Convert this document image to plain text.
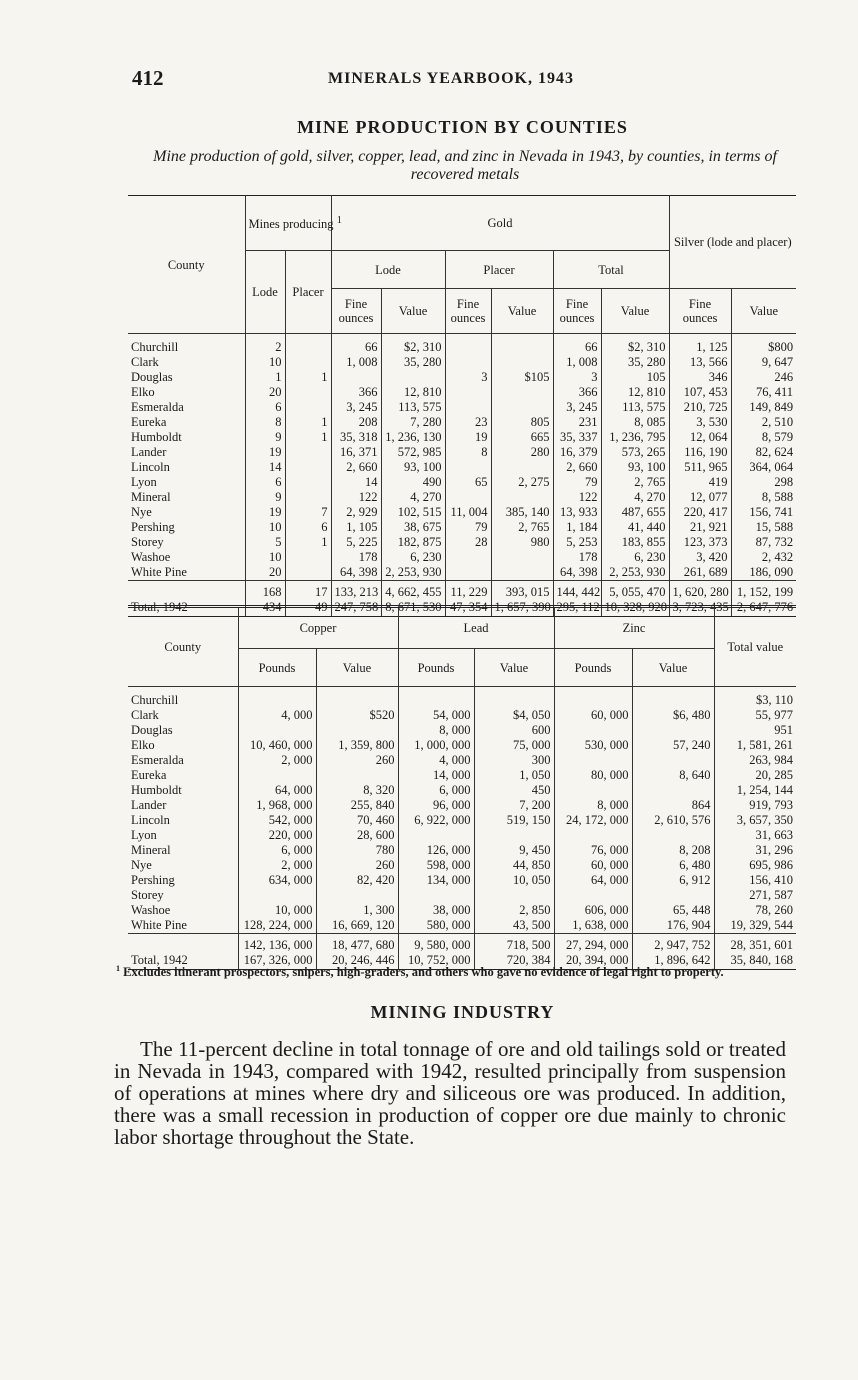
412	MINERALS YEARBOOK, 1943
MINE PRODUCTION BY COUNTIES
Mine production of gold, silver, copper, lead, and zinc in Nevada in 1943, by counties, in terms of recovered metals
County	Mines producing $^1$		Gold						Silver (lode and placer)	
	Lode	Placer	Lode		Placer		Total			
			Fine ounces	Value	Fine ounces	Value	Fine ounces	Value	Fine ounces	Value
Churchill	2		66	$2, 310			66	$2, 310	1, 125	$800
Clark	10		1, 008	35, 280			1, 008	35, 280	13, 566	9, 647
Douglas	1	1			3	$105	3	105	346	246
Elko	20		366	12, 810			366	12, 810	107, 453	76, 411
Esmeralda	6		3, 245	113, 575			3, 245	113, 575	210, 725	149, 849
Eureka	8	1	208	7, 280	23	805	231	8, 085	3, 530	2, 510
Humboldt	9	1	35, 318	1, 236, 130	19	665	35, 337	1, 236, 795	12, 064	8, 579
Lander	19		16, 371	572, 985	8	280	16, 379	573, 265	116, 190	82, 624
Lincoln	14		2, 660	93, 100			2, 660	93, 100	511, 965	364, 064
Lyon	6		14	490	65	2, 275	79	2, 765	419	298
Mineral	9		122	4, 270			122	4, 270	12, 077	8, 588
Nye	19	7	2, 929	102, 515	11, 004	385, 140	13, 933	487, 655	220, 417	156, 741
Pershing	10	6	1, 105	38, 675	79	2, 765	1, 184	41, 440	21, 921	15, 588
Storey	5	1	5, 225	182, 875	28	980	5, 253	183, 855	123, 373	87, 732
Washoe	10		178	6, 230			178	6, 230	3, 420	2, 432
White Pine	20		64, 398	2, 253, 930			64, 398	2, 253, 930	261, 689	186, 090
	168	17	133, 213	4, 662, 455	11, 229	393, 015	144, 442	5, 055, 470	1, 620, 280	1, 152, 199
Total, 1942	434	49	247, 758	8, 671, 530	47, 354	1, 657, 390	295, 112	10, 328, 920	3, 723, 435	2, 647, 776
County	Copper		Lead		Zinc		Total value
	Pounds	Value	Pounds	Value	Pounds	Value	
Churchill							$3, 110
Clark	4, 000	$520	54, 000	$4, 050	60, 000	$6, 480	55, 977
Douglas			8, 000	600			951
Elko	10, 460, 000	1, 359, 800	1, 000, 000	75, 000	530, 000	57, 240	1, 581, 261
Esmeralda	2, 000	260	4, 000	300			263, 984
Eureka			14, 000	1, 050	80, 000	8, 640	20, 285
Humboldt	64, 000	8, 320	6, 000	450			1, 254, 144
Lander	1, 968, 000	255, 840	96, 000	7, 200	8, 000	864	919, 793
Lincoln	542, 000	70, 460	6, 922, 000	519, 150	24, 172, 000	2, 610, 576	3, 657, 350
Lyon	220, 000	28, 600					31, 663
Mineral	6, 000	780	126, 000	9, 450	76, 000	8, 208	31, 296
Nye	2, 000	260	598, 000	44, 850	60, 000	6, 480	695, 986
Pershing	634, 000	82, 420	134, 000	10, 050	64, 000	6, 912	156, 410
Storey							271, 587
Washoe	10, 000	1, 300	38, 000	2, 850	606, 000	65, 448	78, 260
White Pine	128, 224, 000	16, 669, 120	580, 000	43, 500	1, 638, 000	176, 904	19, 329, 544
	142, 136, 000	18, 477, 680	9, 580, 000	718, 500	27, 294, 000	2, 947, 752	28, 351, 601
Total, 1942	167, 326, 000	20, 246, 446	10, 752, 000	720, 384	20, 394, 000	1, 896, 642	35, 840, 168
$^1$ Excludes itinerant prospectors, snipers, high-graders, and others who gave no evidence of legal right to property.
MINING INDUSTRY

The 11-percent decline in total tonnage of ore and old tailings sold or treated in Nevada in 1943, compared with 1942, resulted principally from suspension of operations at mines where dry and siliceous ore was produced. In addition, there was a small recession in production of copper ore due mainly to chronic labor shortage throughout the State.
